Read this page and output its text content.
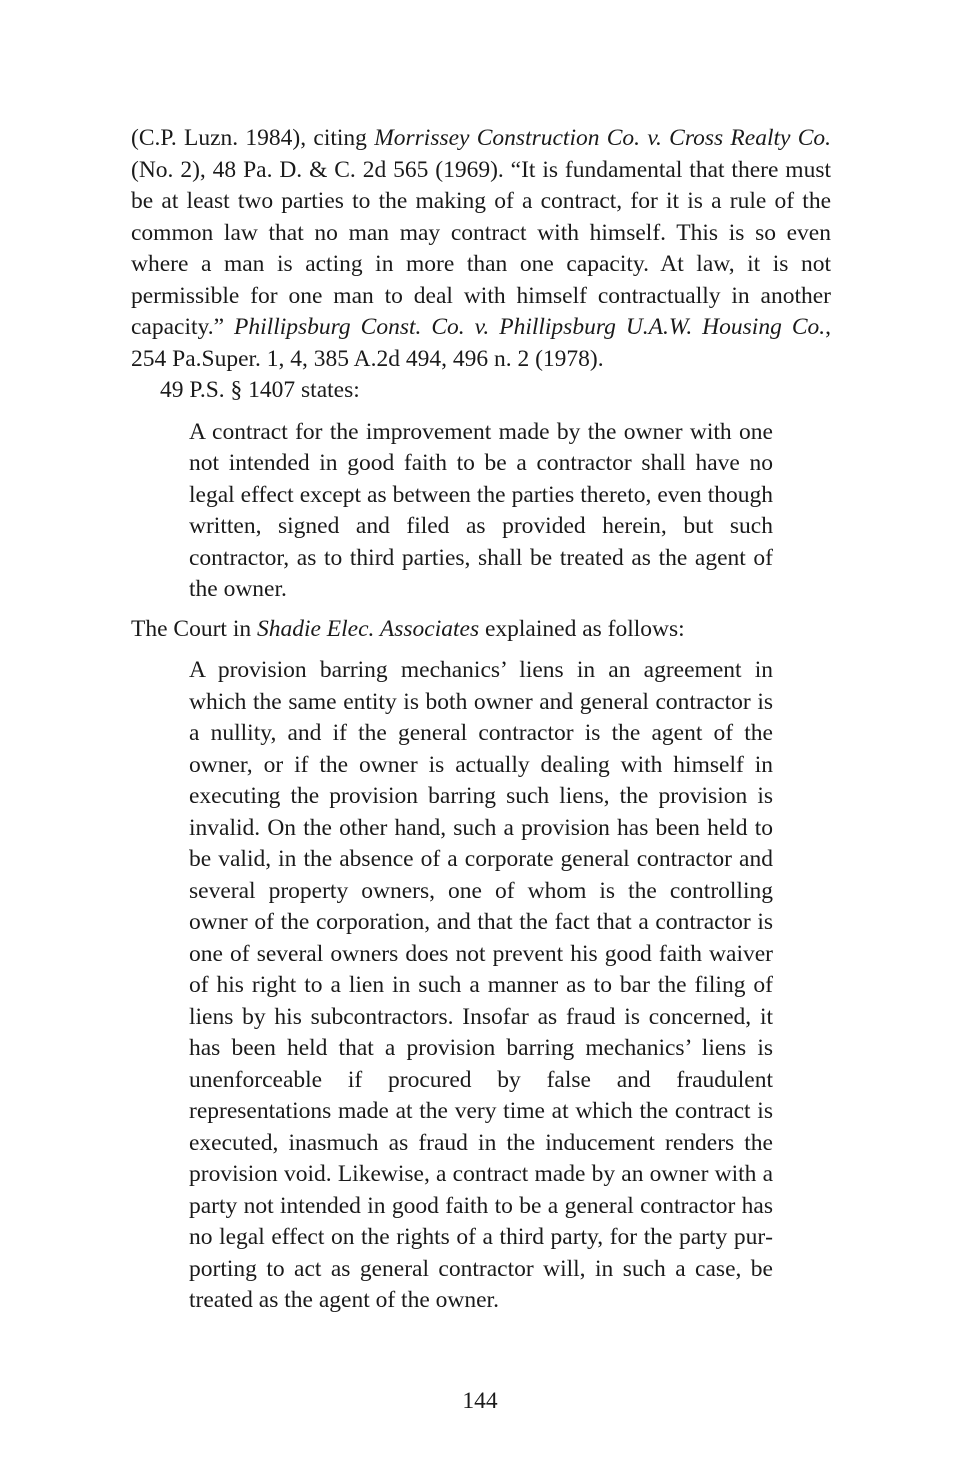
(C.P. Luzn. 1984), citing Morrissey Construction Co. v. Cross Realty Co. (No. 2), 48 Pa. D. & C. 2d 565 (1969). “It is fundamental that there must be at least two parties to the making of a contract, for it is a rule of the common law that no man may contract with himself. This is so even where a man is acting in more than one capacity. At law, it is not permissible for one man to deal with himself contractually in another capacity.” Phillipsburg Const. Co. v. Phillipsburg U.A.W. Housing Co., 254 Pa.Super. 1, 4, 385 A.2d 494, 496 n. 2 (1978).

49 P.S. § 1407 states:

A contract for the improvement made by the owner with one not intended in good faith to be a contractor shall have no legal effect except as between the parties thereto, even though written, signed and filed as provided herein, but such contractor, as to third parties, shall be treated as the agent of the owner.

The Court in Shadie Elec. Associates explained as follows:

A provision barring mechanics’ liens in an agreement in which the same entity is both owner and general contractor is a nullity, and if the general contractor is the agent of the owner, or if the owner is actually dealing with himself in executing the provision barring such liens, the provision is invalid. On the other hand, such a provision has been held to be valid, in the absence of a corporate general contractor and several property owners, one of whom is the controlling owner of the corporation, and that the fact that a contractor is one of several owners does not prevent his good faith waiver of his right to a lien in such a manner as to bar the filing of liens by his subcontractors. Insofar as fraud is concerned, it has been held that a provision barring mechanics’ liens is unenforceable if procured by false and fraudulent representations made at the very time at which the contract is executed, inasmuch as fraud in the inducement renders the provision void. Likewise, a contract made by an owner with a party not intended in good faith to be a general contractor has no legal effect on the rights of a third party, for the party purporting to act as general contractor will, in such a case, be treated as the agent of the owner.

144
